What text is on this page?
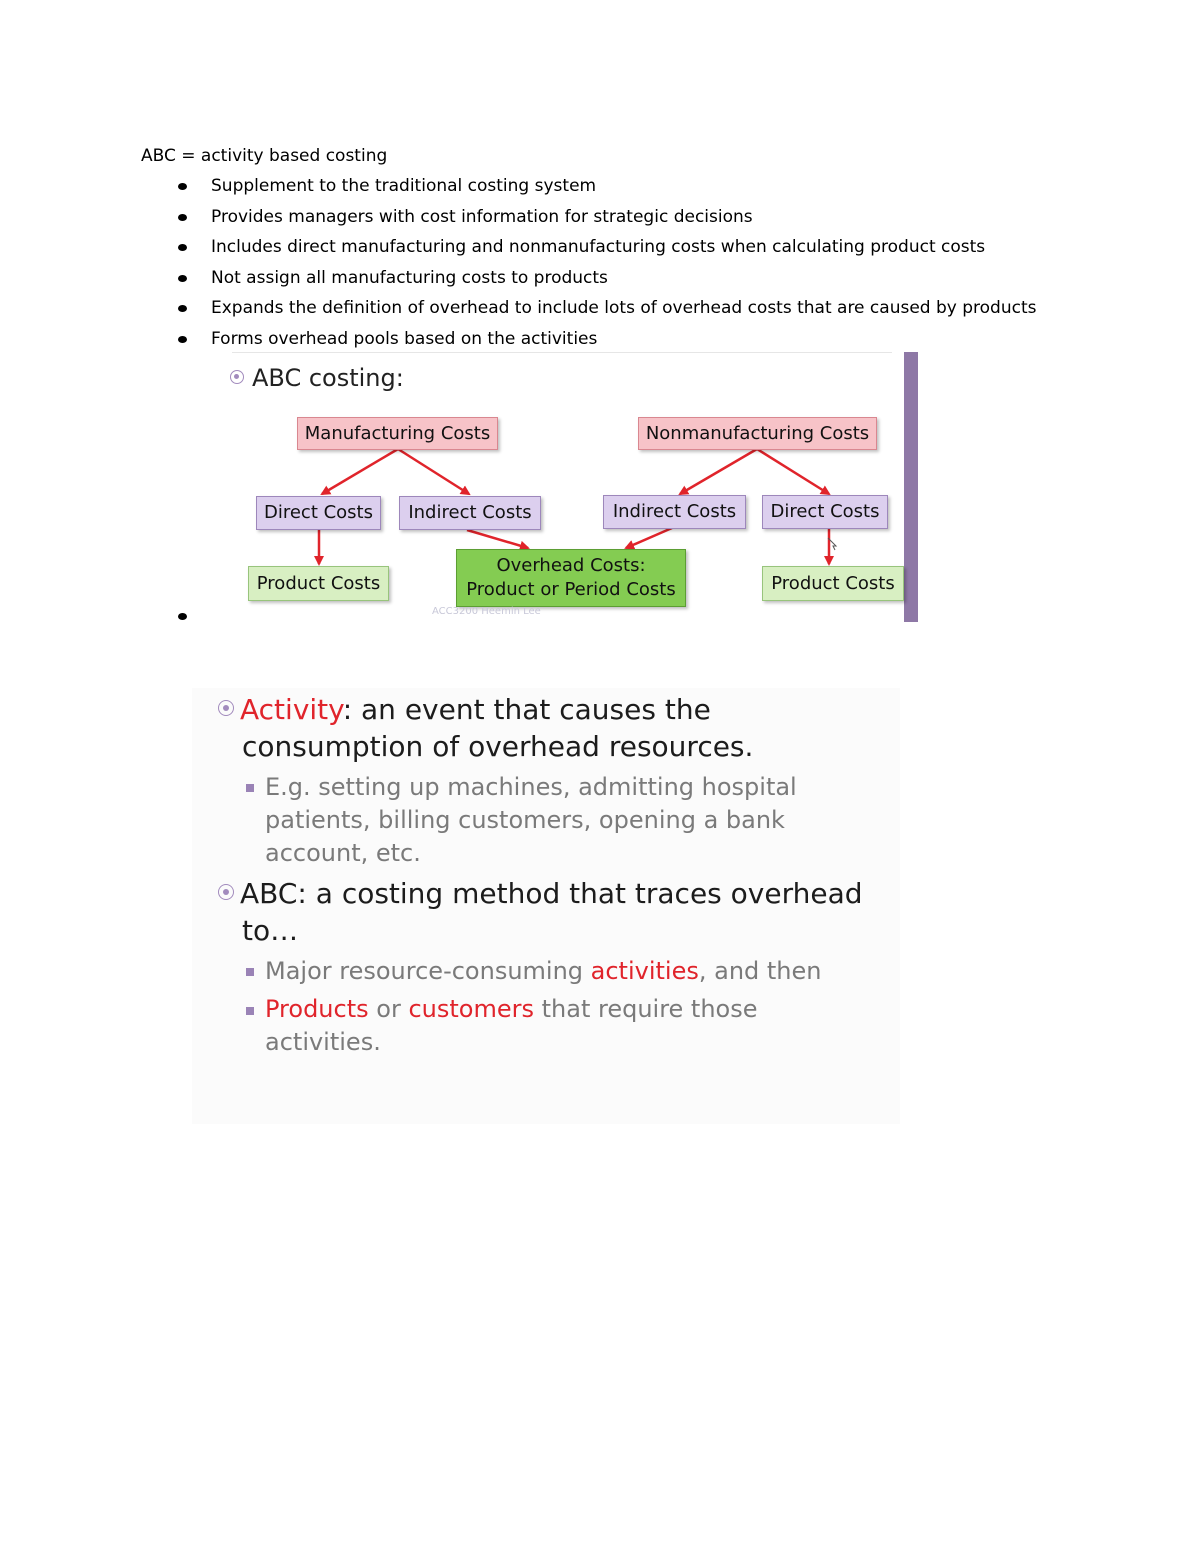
ABC = activity based costing
Supplement to the traditional costing system
Provides managers with cost information for strategic decisions
Includes direct manufacturing and nonmanufacturing costs when calculating product costs
Not assign all manufacturing costs to products
Expands the definition of overhead to include lots of overhead costs that are caused by products
Forms overhead pools based on the activities
ABC costing:
Manufacturing Costs	Nonmanufacturing Costs
Direct Costs	Indirect Costs	Indirect Costs	Direct Costs
Product Costs
Overhead Costs:
Product or Period Costs	Product Costs
ACC3200 Heemin Lee
Activity: an event that causes the
consumption of overhead resources.
E.g. setting up machines, admitting hospital
patients, billing customers, opening a bank
account, etc.
ABC: a costing method that traces overhead
to…
Major resource-consuming activities, and then
Products or customers that require those
activities.
